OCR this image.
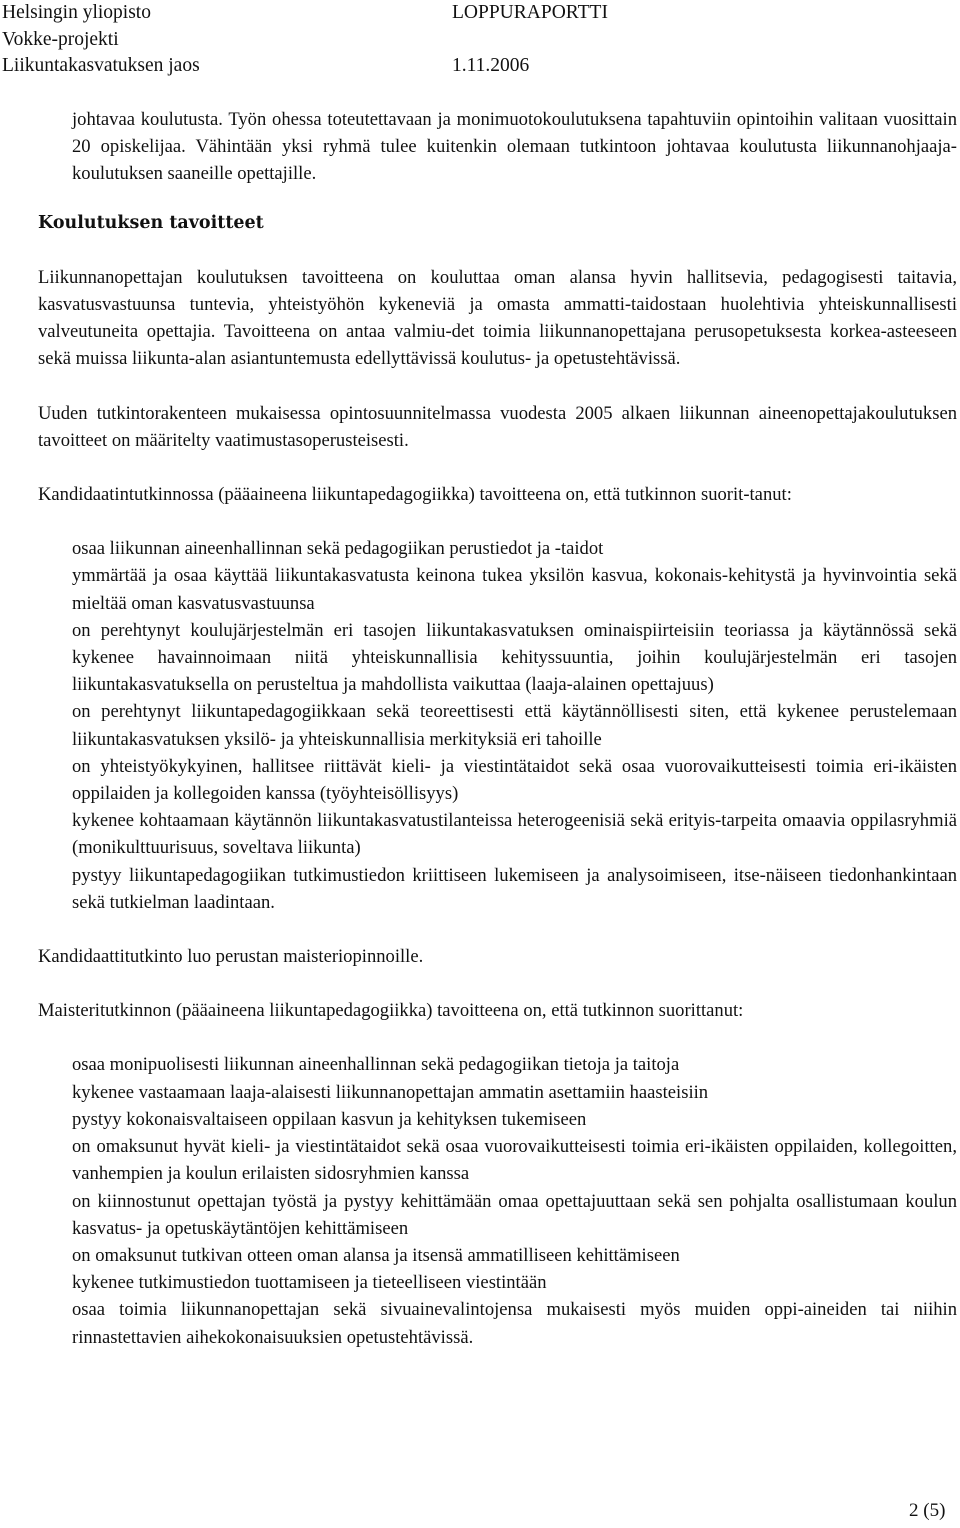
Helsingin yliopisto	LOPPURAPORTTI
Vokke-projekti
Liikuntakasvatuksen jaos	1.11.2006

johtavaa koulutusta. Työn ohessa toteutettavaan ja monimuotokoulutuksena tapahtuviin opintoihin valitaan vuosittain 20 opiskelijaa. Vähintään yksi ryhmä tulee kuitenkin olemaan tutkintoon johtavaa koulutusta liikunnanohjaaja-koulutuksen saaneille opettajille.

Koulutuksen tavoitteet

Liikunnanopettajan koulutuksen tavoitteena on kouluttaa oman alansa hyvin hallitsevia, pedagogisesti taitavia, kasvatusvastuunsa tuntevia, yhteistyöhön kykeneviä ja omasta ammatti-taidostaan huolehtivia yhteiskunnallisesti valveutuneita opettajia. Tavoitteena on antaa valmiu-det toimia liikunnanopettajana perusopetuksesta korkea-asteeseen sekä muissa liikunta-alan asiantuntemusta edellyttävissä koulutus- ja opetustehtävissä.

Uuden tutkintorakenteen mukaisessa opintosuunnitelmassa vuodesta 2005 alkaen liikunnan aineenopettajakoulutuksen tavoitteet on määritelty vaatimustasoperusteisesti.

Kandidaatintutkinnossa (pääaineena liikuntapedagogiikka) tavoitteena on, että tutkinnon suorit-tanut:

osaa liikunnan aineenhallinnan sekä pedagogiikan perustiedot ja -taidot
ymmärtää ja osaa käyttää liikuntakasvatusta keinona tukea yksilön kasvua, kokonais-kehitystä ja hyvinvointia sekä mieltää oman kasvatusvastuunsa
on perehtynyt koulujärjestelmän eri tasojen liikuntakasvatuksen ominaispiirteisiin teoriassa ja käytännössä sekä kykenee havainnoimaan niitä yhteiskunnallisia kehityssuuntia, joihin koulujärjestelmän eri tasojen liikuntakasvatuksella on perusteltua ja mahdollista vaikuttaa (laaja-alainen opettajuus)
on perehtynyt liikuntapedagogiikkaan sekä teoreettisesti että käytännöllisesti siten, että kykenee perustelemaan liikuntakasvatuksen yksilö- ja yhteiskunnallisia merkityksiä eri tahoille
on yhteistyökykyinen, hallitsee riittävät kieli- ja viestintätaidot sekä osaa vuorovaikutteisesti toimia eri-ikäisten oppilaiden ja kollegoiden kanssa (työyhteisöllisyys)
kykenee kohtaamaan käytännön liikuntakasvatustilanteissa heterogeenisiä sekä erityis-tarpeita omaavia oppilasryhmiä (monikulttuurisuus, soveltava liikunta)
pystyy liikuntapedagogiikan tutkimustiedon kriittiseen lukemiseen ja analysoimiseen, itse-näiseen tiedonhankintaan sekä tutkielman laadintaan.

Kandidaattitutkinto luo perustan maisteriopinnoille.

Maisteritutkinnon (pääaineena liikuntapedagogiikka) tavoitteena on, että tutkinnon suorittanut:

osaa monipuolisesti liikunnan aineenhallinnan sekä pedagogiikan tietoja ja taitoja
kykenee vastaamaan laaja-alaisesti liikunnanopettajan ammatin asettamiin haasteisiin
pystyy kokonaisvaltaiseen oppilaan kasvun ja kehityksen tukemiseen
on omaksunut hyvät kieli- ja viestintätaidot sekä osaa vuorovaikutteisesti toimia eri-ikäisten oppilaiden, kollegoitten, vanhempien ja koulun erilaisten sidosryhmien kanssa
on kiinnostunut opettajan työstä ja pystyy kehittämään omaa opettajuuttaan sekä sen pohjalta osallistumaan koulun kasvatus- ja opetuskäytäntöjen kehittämiseen
on omaksunut tutkivan otteen oman alansa ja itsensä ammatilliseen kehittämiseen
kykenee tutkimustiedon tuottamiseen ja tieteelliseen viestintään
osaa toimia liikunnanopettajan sekä sivuainevalintojensa mukaisesti myös muiden oppi-aineiden tai niihin rinnastettavien aihekokonaisuuksien opetustehtävissä.
2 (5)
